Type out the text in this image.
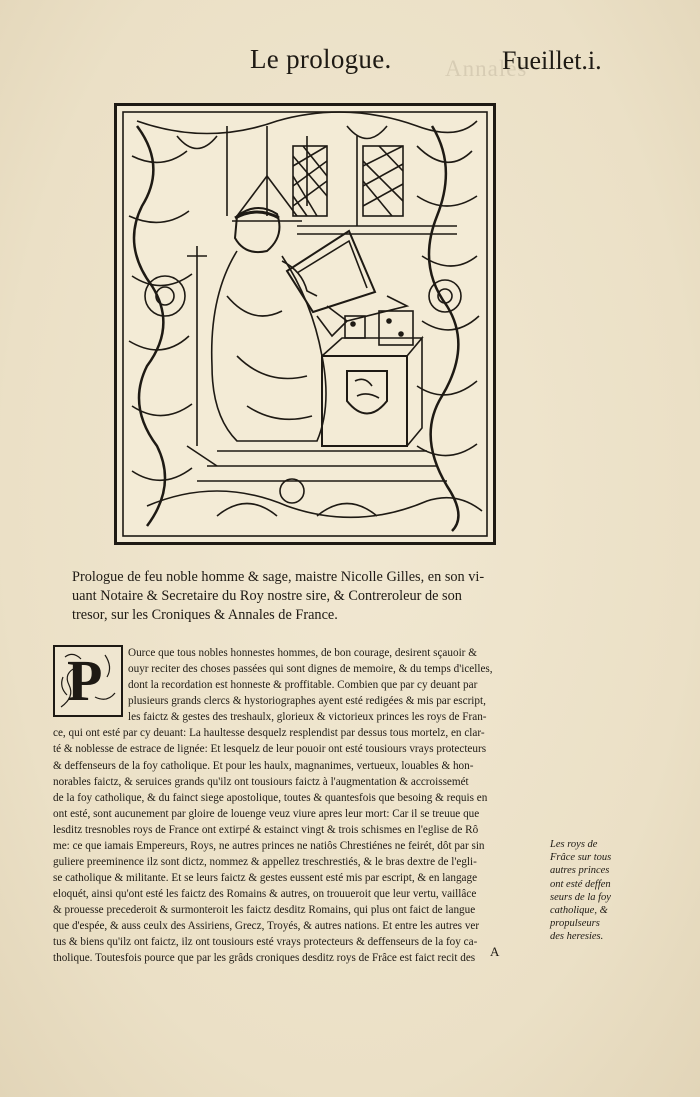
Annales
Le prologue.	Fueillet.i.
Prologue de feu noble homme & sage, maistre Nicolle Gilles, en son vi-
uant Notaire & Secretaire du Roy nostre sire, & Contreroleur de son
tresor, sur les Croniques & Annales de France.
P	Ource que tous nobles honnestes hommes, de bon courage, desirent sçauoir &
ouyr reciter des choses passées qui sont dignes de memoire, & du temps d'icelles,
dont la recordation est honneste & proffitable. Combien que par cy deuant par
plusieurs grands clercs & hystoriographes ayent esté redigées & mis par escript,
les faictz & gestes des treshaulx, glorieux & victorieux princes les roys de Fran-
ce, qui ont esté par cy deuant: La haultesse desquelz resplendist par dessus tous mortelz, en clar-
té & noblesse de estrace de lignée: Et lesquelz de leur pouoir ont esté tousiours vrays protecteurs
& deffenseurs de la foy catholique. Et pour les haulx, magnanimes, vertueux, louables & hon-
norables faictz, & seruices grands qu'ilz ont tousiours faictz à l'augmentation & accroissemét
de la foy catholique, & du fainct siege apostolique, toutes & quantesfois que besoing & requis en
ont esté, sont aucunement par gloire de louenge veuz viure apres leur mort: Car il se treuue que
lesditz tresnobles roys de France ont extirpé & estainct vingt & trois schismes en l'eglise de Rô
me: ce que iamais Empereurs, Roys, ne autres princes ne natiôs Chrestiénes ne feirét, dôt par sin
guliere preeminence ilz sont dictz, nommez & appellez treschrestiés, & le bras dextre de l'egli-
se catholique & militante. Et se leurs faictz & gestes eussent esté mis par escript, & en langage
eloquét, ainsi qu'ont esté les faictz des Romains & autres, on trouueroit que leur vertu, vaillâce
& prouesse precederoit & surmonteroit les faictz desditz Romains, qui plus ont faict de langue
que d'espée, & auss ceulx des Assiriens, Grecz, Troyés, & autres nations. Et entre les autres ver
tus & biens qu'ilz ont faictz, ilz ont tousiours esté vrays protecteurs & deffenseurs de la foy ca-
tholique. Toutesfois pource que par les grâds croniques desditz roys de Frâce est faict recit des
Les roys de
Frâce sur tous
autres princes
ont esté deffen
seurs de la foy
catholique, &
propulseurs
des heresies.
A
